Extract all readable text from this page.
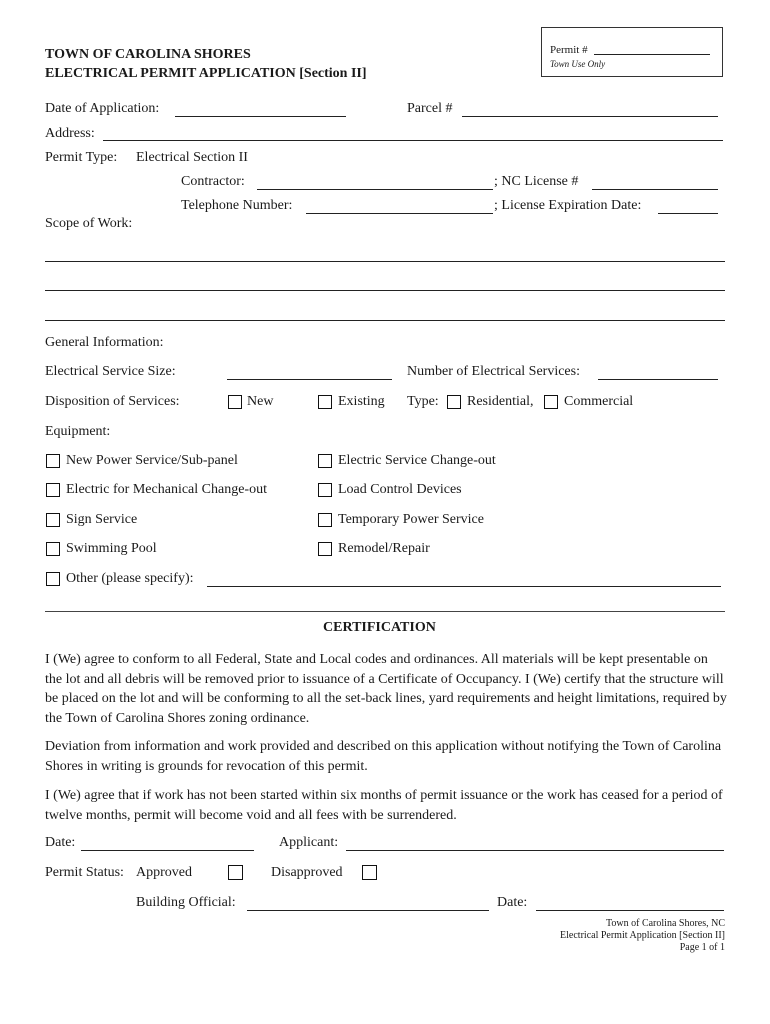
TOWN OF CAROLINA SHORES
ELECTRICAL PERMIT APPLICATION [Section II]
Permit #
Town Use Only
Date of Application:	Parcel #
Address:
Permit Type: Electrical Section II
Contractor:	; NC License #
Telephone Number:	; License Expiration Date:
Scope of Work:
General Information:
Electrical Service Size:	Number of Electrical Services:
Disposition of Services:	New	Existing Type: Residential, Commercial
Equipment:
New Power Service/Sub-panel	Electric Service Change-out
Electric for Mechanical Change-out	Load Control Devices
Sign Service	Temporary Power Service
Swimming Pool	Remodel/Repair
Other (please specify):
CERTIFICATION
I (We) agree to conform to all Federal, State and Local codes and ordinances. All materials will be kept presentable on the lot and all debris will be removed prior to issuance of a Certificate of Occupancy. I (We) certify that the structure will be placed on the lot and will be conforming to all the set-back lines, yard requirements and height limitations, required by the Town of Carolina Shores zoning ordinance.
Deviation from information and work provided and described on this application without notifying the Town of Carolina Shores in writing is grounds for revocation of this permit.
I (We) agree that if work has not been started within six months of permit issuance or the work has ceased for a period of twelve months, permit will become void and all fees with be surrendered.
Date:	Applicant:
Permit Status: Approved	Disapproved
Building Official:	Date:
Town of Carolina Shores, NC
Electrical Permit Application [Section II]
Page 1 of 1
